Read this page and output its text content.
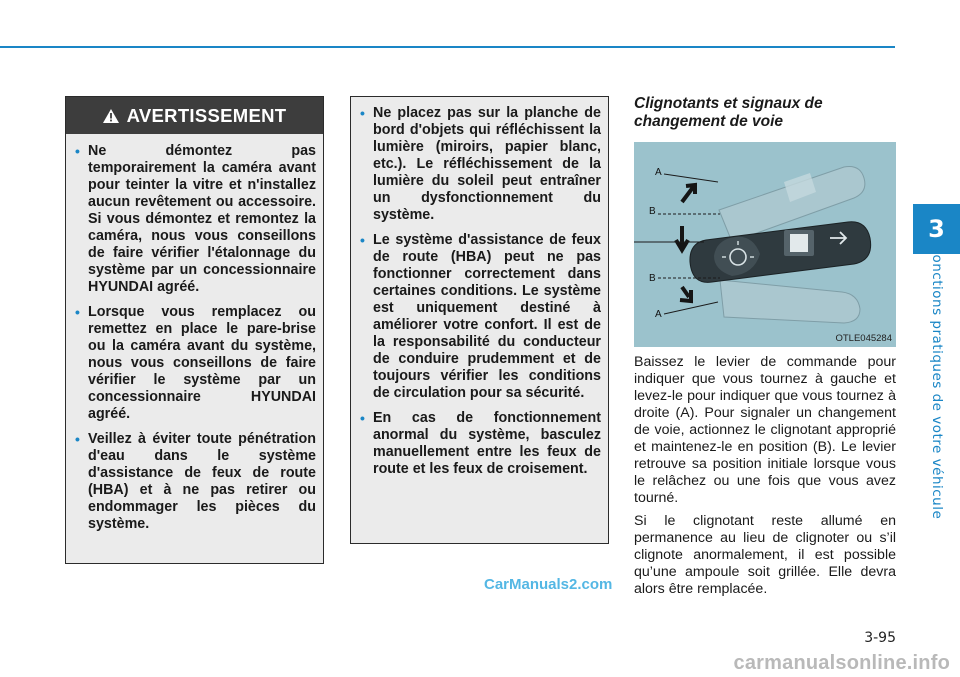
3
Fonctions pratiques de votre véhicule
AVERTISSEMENT
• Ne démontez pas temporairement la caméra avant pour teinter la vitre et n'installez aucun revêtement ou accessoire. Si vous démontez et remontez la caméra, nous vous conseillons de faire vérifier l'étalonnage du système par un concessionnaire HYUNDAI agréé.
• Lorsque vous remplacez ou remettez en place le pare-brise ou la caméra avant du système, nous vous conseillons de faire vérifier le système par un concessionnaire HYUNDAI agréé.
• Veillez à éviter toute pénétration d'eau dans le système d'assistance de feux de route (HBA) et à ne pas retirer ou endommager les pièces du système.
• Ne placez pas sur la planche de bord d'objets qui réfléchissent la lumière (miroirs, papier blanc, etc.). Le réfléchissement de la lumière du soleil peut entraîner un dysfonctionnement du système.
• Le système d'assistance de feux de route (HBA) peut ne pas fonctionner correctement dans certaines conditions. Le système est uniquement destiné à améliorer votre confort. Il est de la responsabilité du conducteur de conduire prudemment et de toujours vérifier les conditions de circulation pour sa sécurité.
• En cas de fonctionnement anormal du système, basculez manuellement entre les feux de route et les feux de croisement.
Clignotants et signaux de changement de voie
A
B
B
A
OTLE045284

Baissez le levier de commande pour indiquer que vous tournez à gauche et levez-le pour indiquer que vous tournez à droite (A). Pour signaler un changement de voie, actionnez le clignotant approprié et maintenez-le en position (B). Le levier retrouve sa position initiale lorsque vous le relâchez ou une fois que vous avez tourné.

Si le clignotant reste allumé en permanence au lieu de clignoter ou s’il clignote anormalement, il est possible qu’une ampoule soit grillée. Elle devra alors être remplacée.

CarManuals2.com
3-95
carmanualsonline.info
